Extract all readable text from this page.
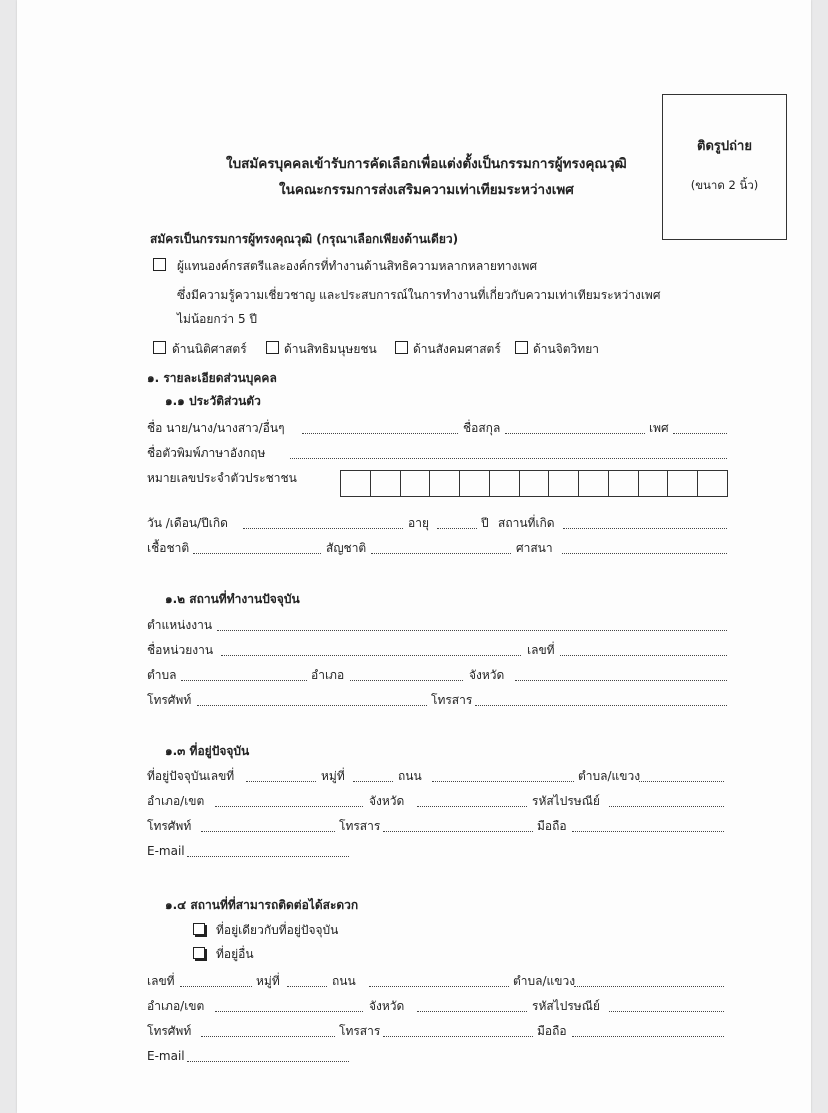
ติดรูปถ่าย
(ขนาด 2 นิ้ว)
ใบสมัครบุคคลเข้ารับการคัดเลือกเพื่อแต่งตั้งเป็นกรรมการผู้ทรงคุณวุฒิ
ในคณะกรรมการส่งเสริมความเท่าเทียมระหว่างเพศ
สมัครเป็นกรรมการผู้ทรงคุณวุฒิ (กรุณาเลือกเพียงด้านเดียว)
ผู้แทนองค์กรสตรีและองค์กรที่ทำงานด้านสิทธิความหลากหลายทางเพศ
ซึ่งมีความรู้ความเชี่ยวชาญ และประสบการณ์ในการทำงานที่เกี่ยวกับความเท่าเทียมระหว่างเพศ
ไม่น้อยกว่า 5 ปี
ด้านนิติศาสตร์	ด้านสิทธิมนุษยชน	ด้านสังคมศาสตร์	ด้านจิตวิทยา
๑. รายละเอียดส่วนบุคคล
๑.๑ ประวัติส่วนตัว
ชื่อ นาย/นาง/นางสาว/อื่นๆ	ชื่อสกุล	เพศ
ชื่อตัวพิมพ์ภาษาอังกฤษ
หมายเลขประจำตัวประชาชน
วัน /เดือน/ปีเกิด	อายุ	ปี สถานที่เกิด
เชื้อชาติ	สัญชาติ	ศาสนา
๑.๒ สถานที่ทำงานปัจจุบัน
ตำแหน่งงาน
ชื่อหน่วยงาน	เลขที่
ตำบล	อำเภอ	จังหวัด
โทรศัพท์	โทรสาร
๑.๓ ที่อยู่ปัจจุบัน
ที่อยู่ปัจจุบันเลขที่	หมู่ที่	ถนน	ตำบล/แขวง
อำเภอ/เขต	จังหวัด	รหัสไปรษณีย์
โทรศัพท์	โทรสาร	มือถือ
E-mail
๑.๔ สถานที่ที่สามารถติดต่อได้สะดวก
ที่อยู่เดียวกับที่อยู่ปัจจุบัน
ที่อยู่อื่น
เลขที่	หมู่ที่	ถนน	ตำบล/แขวง
อำเภอ/เขต	จังหวัด	รหัสไปรษณีย์
โทรศัพท์	โทรสาร	มือถือ
E-mail
